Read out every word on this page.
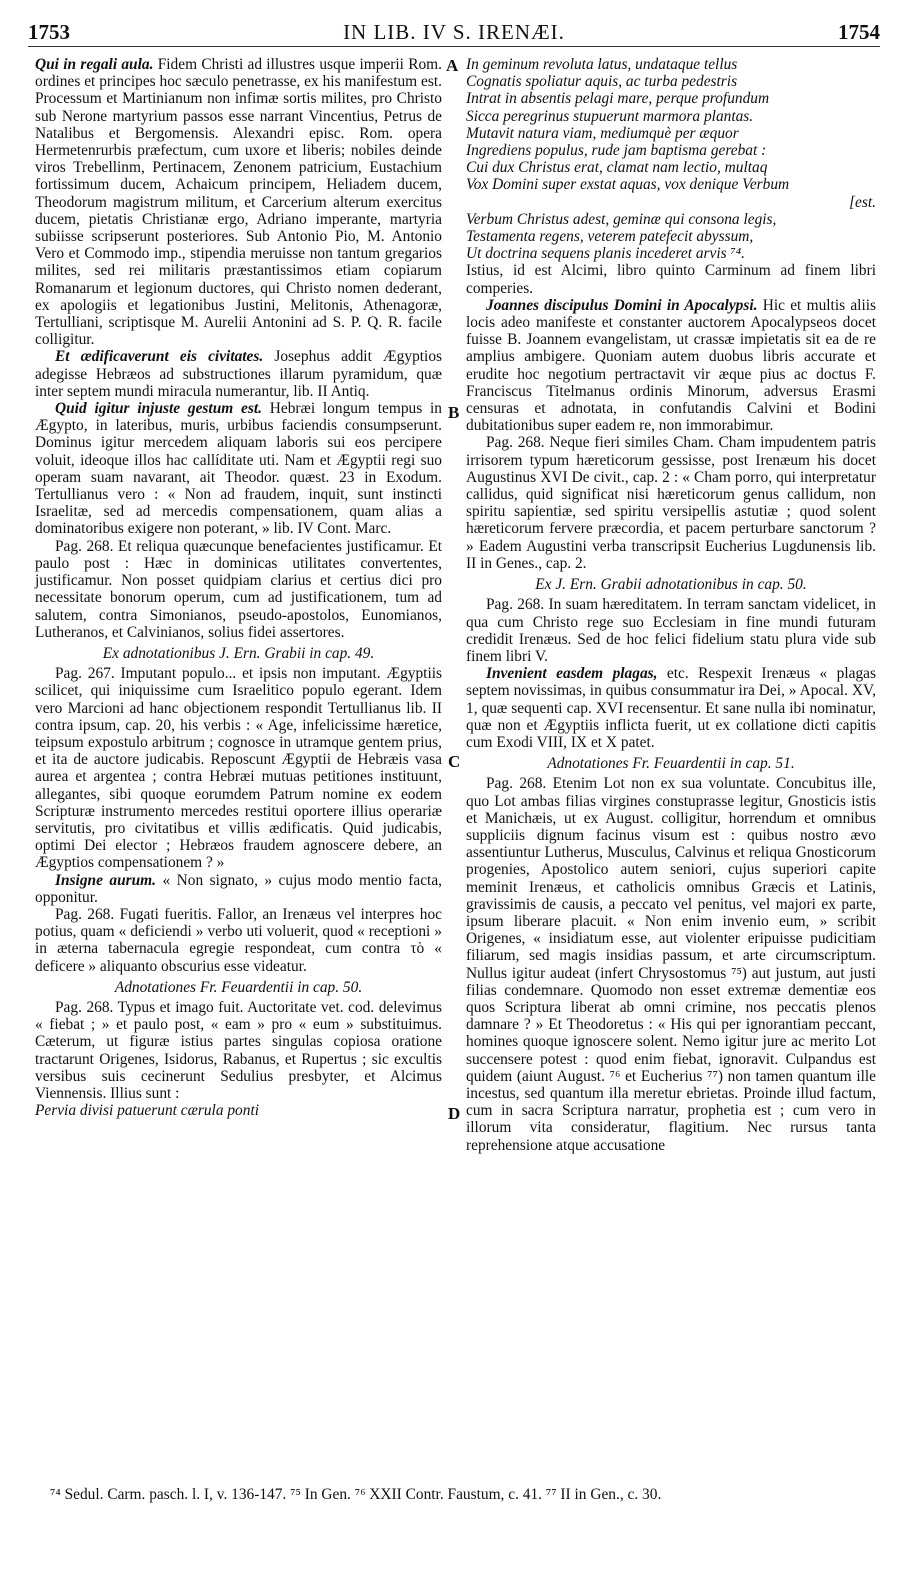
1753	IN LIB. IV S. IRENÆI.	1754

Qui in regali aula. Fidem Christi ad illustres usque imperii Rom. ordines et principes hoc sæculo penetrasse, ex his manifestum est. Processum et Martinianum non infimæ sortis milites, pro Christo sub Nerone martyrium passos esse narrant Vincentius, Petrus de Natalibus et Bergomensis. Alexandri episc. Rom. opera Hermetenrurbis præfectum, cum uxore et liberis; nobiles deinde viros Trebellinm, Pertinacem, Zenonem patricium, Eustachium fortissimum ducem, Achaicum principem, Heliadem ducem, Theodorum magistrum militum, et Carcerium alterum exercitus ducem, pietatis Christianæ ergo, Adriano imperante, martyria subiisse scripserunt posteriores. Sub Antonio Pio, M. Antonio Vero et Commodo imp., stipendia meruisse non tantum gregarios milites, sed rei militaris præstantissimos etiam copiarum Romanarum et legionum ductores, qui Christo nomen dederant, ex apologiis et legationibus Justini, Melitonis, Athenagoræ, Tertulliani, scriptisque M. Aurelii Antonini ad S. P. Q. R. facile colligitur.

Et ædificaverunt eis civitates. Josephus addit Ægyptios adegisse Hebræos ad substructiones illarum pyramidum, quæ inter septem mundi miracula numerantur, lib. II Antiq.

Quid igitur injuste gestum est. Hebræi longum tempus in Ægypto, in lateribus, muris, urbibus faciendis consumpserunt. Dominus igitur mercedem aliquam laboris sui eos percipere voluit, ideoque illos hac callíditate uti. Nam et Ægyptii regi suo operam suam navarant, ait Theodor. quæst. 23 in Exodum. Tertullianus vero : « Non ad fraudem, inquit, sunt instincti Israelitæ, sed ad mercedis compensationem, quam alias a dominatoribus exigere non poterant, » lib. IV Cont. Marc.

Pag. 268. Et reliqua quæcunque benefacientes justificamur. Et paulo post : Hæc in dominicas utilitates convertentes, justificamur. Non posset quidpiam clarius et certius dici pro necessitate bonorum operum, cum ad justificationem, tum ad salutem, contra Simonianos, pseudo-apostolos, Eunomianos, Lutheranos, et Calvinianos, solius fidei assertores.

Ex adnotationibus J. Ern. Grabii in cap. 49.

Pag. 267. Imputant populo... et ipsis non imputant. Ægyptiis scilicet, qui iniquissime cum Israelitico populo egerant. Idem vero Marcioni ad hanc objectionem respondit Tertullianus lib. II contra ipsum, cap. 20, his verbis : « Age, infelicissime hæretice, teipsum expostulo arbitrum ; cognosce in utramque gentem prius, et ita de auctore judicabis. Reposcunt Ægyptii de Hebræis vasa aurea et argentea ; contra Hebræi mutuas petitiones instituunt, allegantes, sibi quoque eorumdem Patrum nomine ex eodem Scripturæ instrumento mercedes restitui oportere illius operariæ servitutis, pro civitatibus et villis ædificatis. Quid judicabis, optimi Dei elector ; Hebræos fraudem agnoscere debere, an Ægyptios compensationem ? »

Insigne aurum. « Non signato, » cujus modo mentio facta, opponitur.

Pag. 268. Fugati fueritis. Fallor, an Irenæus vel interpres hoc potius, quam « deficiendi » verbo uti voluerit, quod « receptioni » in æterna tabernacula egregie respondeat, cum contra τὸ « deficere » aliquanto obscurius esse videatur.

Adnotationes Fr. Feuardentii in cap. 50.

Pag. 268. Typus et imago fuit. Auctoritate vet. cod. delevimus « fiebat ; » et paulo post, « eam » pro « eum » substituimus. Cæterum, ut figuræ istius partes singulas copiosa oratione tractarunt Origenes, Isidorus, Rabanus, et Rupertus ; sic excultis versibus suis cecinerunt Sedulius presbyter, et Alcimus Viennensis. Illius sunt :

Pervia divisi patuerunt cærula ponti

In geminum revoluta latus, undataque tellus

Cognatis spoliatur aquis, ac turba pedestris

Intrat in absentis pelagi mare, perque profundum

Sicca peregrinus stupuerunt marmora plantas.

Mutavit natura viam, mediumquè per æquor

Ingrediens populus, rude jam baptisma gerebat :

Cui dux Christus erat, clamat nam lectio, multaq

Vox Domini super exstat aquas, vox denique Verbum

[est.

Verbum Christus adest, geminæ qui consona legis,

Testamenta regens, veterem patefecit abyssum,

Ut doctrina sequens planis incederet arvis ⁷⁴.

Istius, id est Alcimi, libro quinto Carminum ad finem libri comperies.

Joannes discipulus Domini in Apocalypsi. Hic et multis aliis locis adeo manifeste et constanter auctorem Apocalypseos docet fuisse B. Joannem evangelistam, ut crassæ impietatis sit ea de re amplius ambigere. Quoniam autem duobus libris accurate et erudite hoc negotium pertractavit vir æque pius ac doctus F. Franciscus Titelmanus ordinis Minorum, adversus Erasmi censuras et adnotata, in confutandis Calvini et Bodini dubitationibus super eadem re, non immorabimur.

Pag. 268. Neque fieri similes Cham. Cham impudentem patris irrisorem typum hæreticorum gessisse, post Irenæum his docet Augustinus XVI De civit., cap. 2 : « Cham porro, qui interpretatur callidus, quid significat nisi hæreticorum genus callidum, non spiritu sapientiæ, sed spiritu versipellis astutiæ ; quod solent hæreticorum fervere præcordia, et pacem perturbare sanctorum ? » Eadem Augustini verba transcripsit Eucherius Lugdunensis lib. II in Genes., cap. 2.

Ex J. Ern. Grabii adnotationibus in cap. 50.

Pag. 268. In suam hæreditatem. In terram sanctam videlicet, in qua cum Christo rege suo Ecclesiam in fine mundi futuram credidit Irenæus. Sed de hoc felici fidelium statu plura vide sub finem libri V.

Invenient easdem plagas, etc. Respexit Irenæus « plagas septem novissimas, in quibus consummatur ira Dei, » Apocal. XV, 1, quæ sequenti cap. XVI recensentur. Et sane nulla ibi nominatur, quæ non et Ægyptiis inflicta fuerit, ut ex collatione dicti capitis cum Exodi VIII, IX et X patet.

Adnotationes Fr. Feuardentii in cap. 51.

Pag. 268. Etenim Lot non ex sua voluntate. Concubitus ille, quo Lot ambas filias virgines constuprasse legitur, Gnosticis istis et Manichæis, ut ex August. colligitur, horrendum et omnibus suppliciis dignum facinus visum est : quibus nostro ævo assentiuntur Lutherus, Musculus, Calvinus et reliqua Gnosticorum progenies, Apostolico autem seniori, cujus superiori capite meminit Irenæus, et catholicis omnibus Græcis et Latinis, gravissimis de causis, a peccato vel penitus, vel majori ex parte, ipsum liberare placuit. « Non enim invenio eum, » scribit Origenes, « insidiatum esse, aut violenter eripuisse pudicitiam filiarum, sed magis insidias passum, et arte circumscriptum. Nullus igitur audeat (infert Chrysostomus ⁷⁵) aut justum, aut justi filias condemnare. Quomodo non esset extremæ dementiæ eos quos Scriptura liberat ab omni crimine, nos peccatis plenos damnare ? » Et Theodoretus : « His qui per ignorantiam peccant, homines quoque ignoscere solent. Nemo igitur jure ac merito Lot succensere potest : quod enim fiebat, ignoravit. Culpandus est quidem (aiunt August. ⁷⁶ et Eucherius ⁷⁷) non tamen quantum ille incestus, sed quantum illa meretur ebrietas. Proinde illud factum, cum in sacra Scriptura narratur, prophetia est ; cum vero in illorum vita consideratur, flagitium. Nec rursus tanta reprehensione atque accusatione

A
B
C
D
⁷⁴ Sedul. Carm. pasch. l. I, v. 136-147. ⁷⁵ In Gen. ⁷⁶ XXII Contr. Faustum, c. 41. ⁷⁷ II in Gen., c. 30.
